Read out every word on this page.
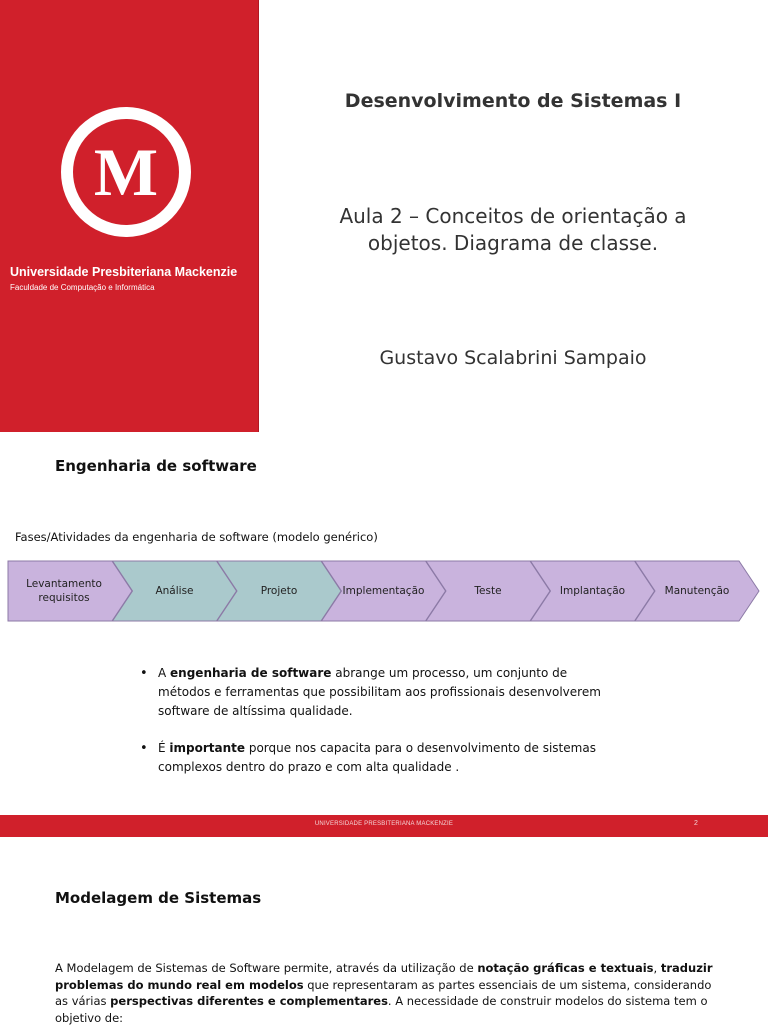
M
Universidade Presbiteriana Mackenzie
Faculdade de Computação e Informática
Desenvolvimento de Sistemas I
Aula 2 – Conceitos de orientação a
objetos. Diagrama de classe.
Gustavo Scalabrini Sampaio
Engenharia de software
Fases/Atividades da engenharia de software (modelo genérico)
• A engenharia de software abrange um processo, um conjunto de métodos e ferramentas que possibilitam aos profissionais desenvolverem software de altíssima qualidade.
• É importante porque nos capacita para o desenvolvimento de sistemas complexos dentro do prazo e com alta qualidade .
UNIVERSIDADE PRESBITERIANA MACKENZIE	2
Levantamento
requisitos
Análise	Projeto	Implementação	Teste	Implantação	Manutenção
Modelagem de Sistemas
A Modelagem de Sistemas de Software permite, através da utilização de notação gráficas e textuais, traduzir problemas do mundo real em modelos que representaram as partes essenciais de um sistema, considerando as várias perspectivas diferentes e complementares. A necessidade de construir modelos do sistema tem o objetivo de:
